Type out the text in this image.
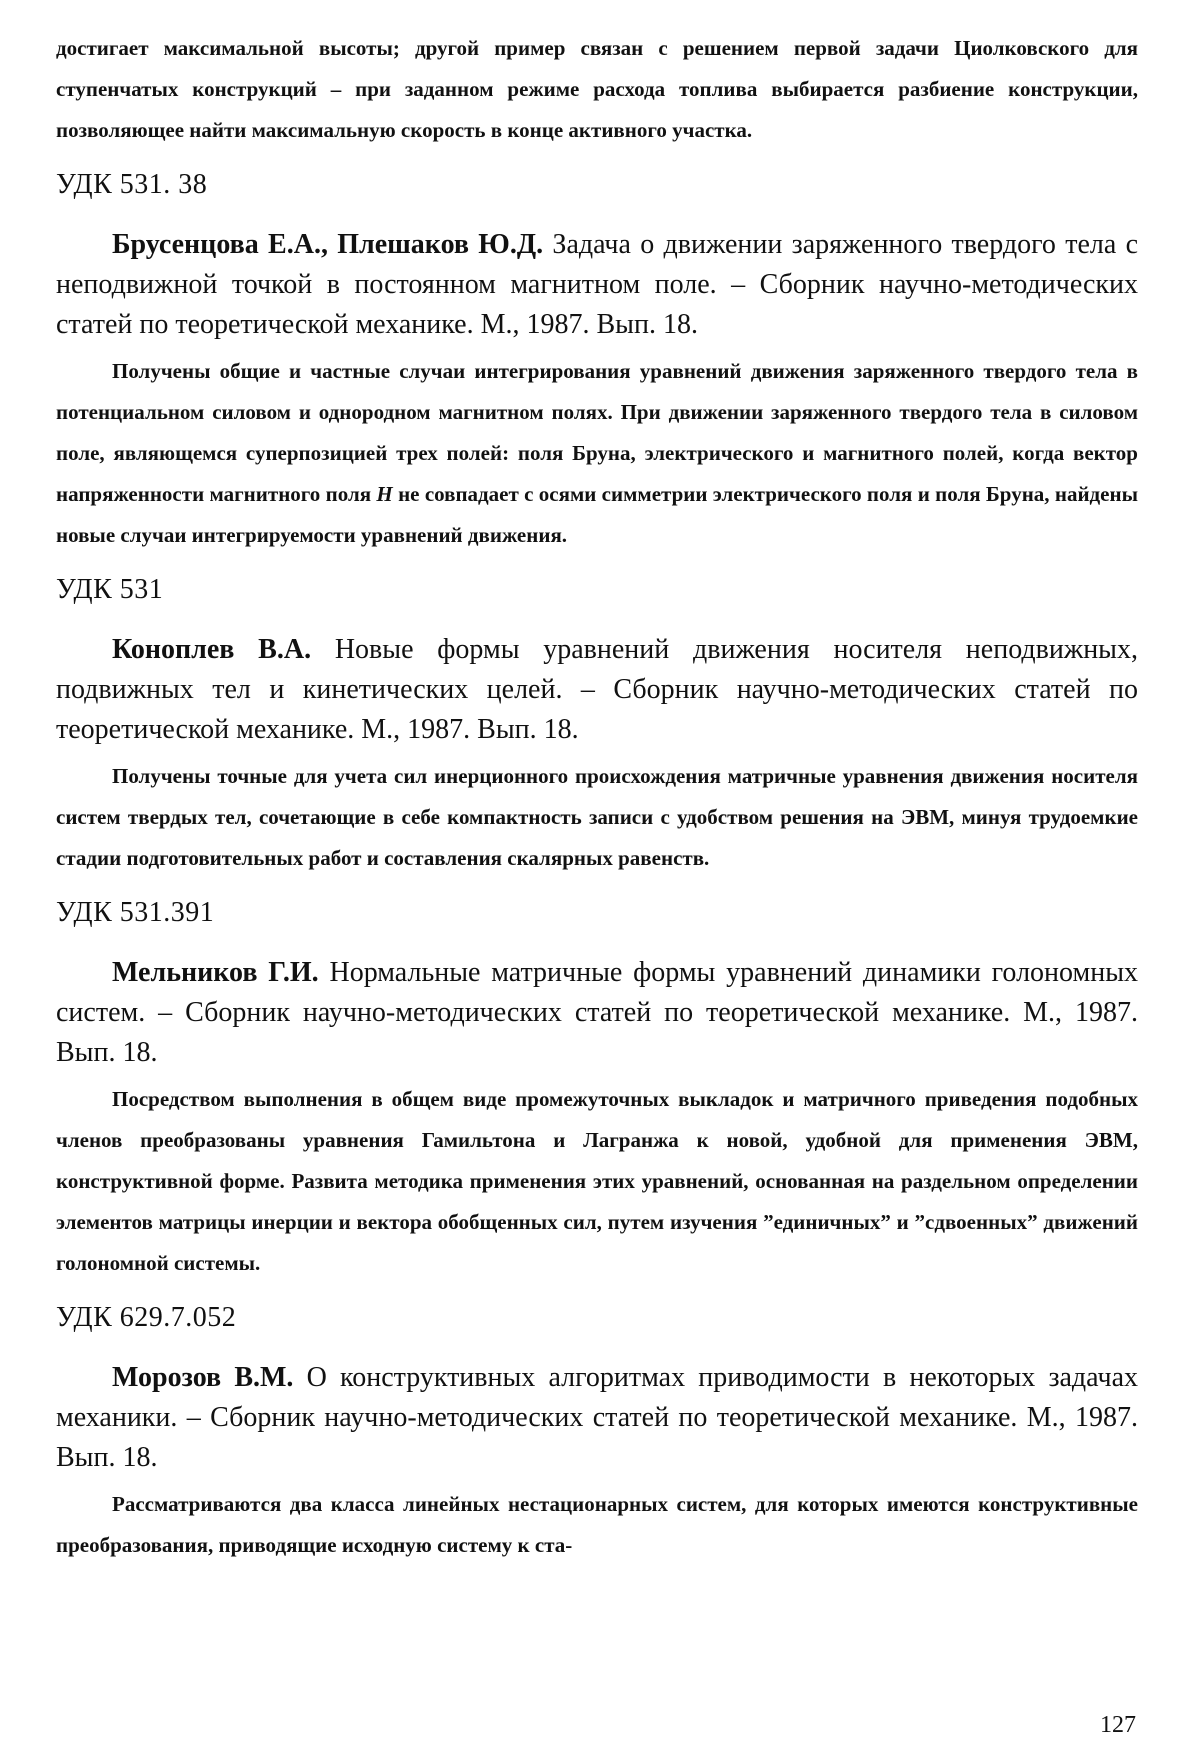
достигает максимальной высоты; другой пример связан с решением первой задачи Циолковского для ступенчатых конструкций – при заданном режиме расхода топлива выбирается разбиение конструкции, позволяющее найти максимальную скорость в конце активного участка.

УДК 531. 38

Брусенцова Е.А., Плешаков Ю.Д. Задача о движении заряженного твердого тела с неподвижной точкой в постоянном магнитном поле. – Сборник научно-методических статей по теоретической механике. М., 1987. Вып. 18.

Получены общие и частные случаи интегрирования уравнений движения заряженного твердого тела в потенциальном силовом и однородном магнитном полях. При движении заряженного твердого тела в силовом поле, являющемся суперпозицией трех полей: поля Бруна, электрического и магнитного полей, когда вектор напряженности магнитного поля H не совпадает с осями симметрии электрического поля и поля Бруна, найдены новые случаи интегрируемости уравнений движения.

УДК 531

Коноплев В.А. Новые формы уравнений движения носителя неподвижных, подвижных тел и кинетических целей. – Сборник научно-методических статей по теоретической механике. М., 1987. Вып. 18.

Получены точные для учета сил инерционного происхождения матричные уравнения движения носителя систем твердых тел, сочетающие в себе компактность записи с удобством решения на ЭВМ, минуя трудоемкие стадии подготовительных работ и составления скалярных равенств.

УДК 531.391

Мельников Г.И. Нормальные матричные формы уравнений динамики голономных систем. – Сборник научно-методических статей по теоретической механике. М., 1987. Вып. 18.

Посредством выполнения в общем виде промежуточных выкладок и матричного приведения подобных членов преобразованы уравнения Гамильтона и Лагранжа к новой, удобной для применения ЭВМ, конструктивной форме. Развита методика применения этих уравнений, основанная на раздельном определении элементов матрицы инерции и вектора обобщенных сил, путем изучения ”единичных” и ”сдвоенных” движений голономной системы.

УДК 629.7.052

Морозов В.М. О конструктивных алгоритмах приводимости в некоторых задачах механики. – Сборник научно-методических статей по теоретической механике. М., 1987. Вып. 18.

Рассматриваются два класса линейных нестационарных систем, для которых имеются конструктивные преобразования, приводящие исходную систему к ста-

127
